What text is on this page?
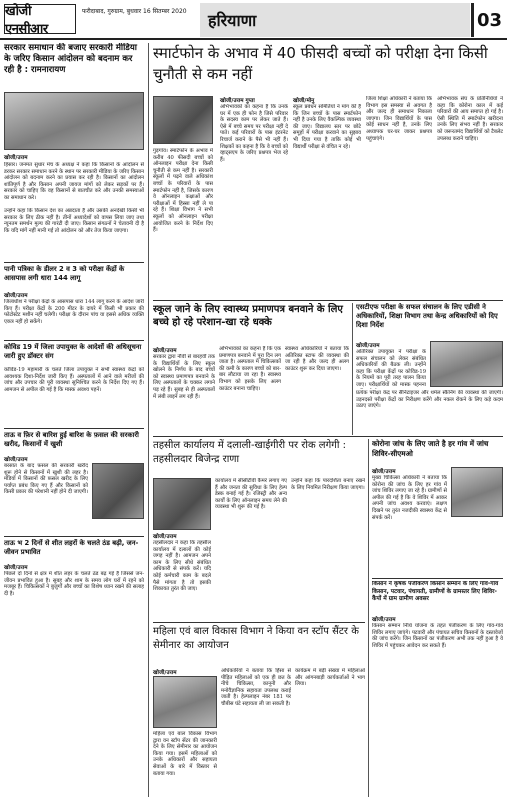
खोजी एनसीआर
फरीदाबाद, गुरुग्राम, बुधवार 16 सितम्बर 2020	हरियाणा	03
सरकार समाधान की बजाए सरकारी मीडिया के जरिए किसान आंदोलन को बदनाम कर रही है : रामनारायण
खोजी/उत्तम
हिसार। जनमत सुधार मंच के अध्यक्ष ने कहा कि किसानों के आंदोलन से डरकर सरकार समाधान करने के स्थान पर सरकारी मीडिया के जरिए किसान आंदोलन को बदनाम करने का प्रयास कर रही है। किसानों का आंदोलन शांतिपूर्ण है और किसान अपनी जायज मांगों को लेकर सड़कों पर हैं। सरकार को चाहिए कि वह किसानों से बातचीत करे और उनकी समस्याओं का समाधान करे।
उन्होंने कहा कि किसान देश का अन्नदाता है और उसकी अनदेखी किसी भी सरकार के लिए ठीक नहीं है। तीनों अध्यादेशों को वापस लिया जाए तथा न्यूनतम समर्थन मूल्य की गारंटी दी जाए। किसान संगठनों ने चेतावनी दी है कि यदि मांगें नहीं मानी गईं तो आंदोलन को और तेज किया जाएगा।
पानी पत्रिका के डीलर 2 व 3 को परीक्षा केंद्रों के आसपास लगी धारा 144 लागू
खोजी/उत्तम
जिलाधीश ने परीक्षा केंद्रों के आसपास धारा 144 लागू करने के आदेश जारी किए हैं। परीक्षा केंद्रों के 200 मीटर के दायरे में किसी भी प्रकार की फोटोस्टेट मशीन नहीं चलेगी। परीक्षा के दौरान पांच या इससे अधिक व्यक्ति एकत्र नहीं हो सकेंगे।
कोविड 19 में जिला उपायुक्त के आदेशों की अधिसूचना जारी हुए डॉक्टर संग
कोविड-19 महामारी के चलते जिला उपायुक्त ने सभी स्वास्थ्य केंद्रों को आवश्यक दिशा-निर्देश जारी किए हैं। अस्पतालों में आने वाले मरीजों की जांच और उपचार की पूरी व्यवस्था सुनिश्चित करने के निर्देश दिए गए हैं। आमजन से अपील की गई है कि मास्क अवश्य पहनें।
ताऊ व फ़िर से बारिश हुई बारिश के फ़सल की सरकारी खरीद, किसानों में खुशी
खोजी/उत्तम
बरसात के बाद फ़सल की सरकारी खरीद शुरू होने से किसानों में खुशी की लहर है। मंडियों में किसानों की फ़सल खरीद के लिए पर्याप्त प्रबंध किए गए हैं और किसानों को किसी प्रकार की परेशानी नहीं होने दी जाएगी।
ताऊ भ 2 दिनों से शीत लहरों के चलते ठंड बढ़ी, जन-जीवन प्रभावित
खोजी/उत्तम
पिछले दो दिनों से क्षेत्र में शीत लहर के चलते ठंड बढ़ गई है जिससे जन-जीवन प्रभावित हुआ है। सुबह और शाम के समय लोग घरों में रहने को मजबूर हैं। चिकित्सकों ने बुजुर्गों और बच्चों का विशेष ध्यान रखने की सलाह दी है।
स्मार्टफोन के अभाव में 40 फीसदी बच्चों को परीक्षा देना किसी चुनौती से कम नहीं
खोजी/उत्तम गुप्ता
गुड़गांव। स्मार्टफोन के अभाव में करीब 40 फीसदी बच्चों को ऑनलाइन परीक्षा देना किसी चुनौती से कम नहीं है। सरकारी स्कूलों में पढ़ने वाले अधिकांश बच्चों के परिवारों के पास स्मार्टफोन नहीं है, जिसके कारण वे ऑनलाइन कक्षाओं और परीक्षाओं में हिस्सा नहीं ले पा रहे हैं। शिक्षा विभाग ने सभी स्कूलों को ऑनलाइन परीक्षा आयोजित करने के निर्देश दिए हैं।
अभिभावकों का कहना है कि उनके घर में एक ही फोन है जिसे परिवार के सदस्य काम पर लेकर जाते हैं। ऐसे में बच्चे समय पर परीक्षा नहीं दे पाते। कई परिवारों के पास इंटरनेट रिचार्ज कराने के पैसे भी नहीं हैं। शिक्षकों का कहना है कि वे बच्चों को व्हाट्सएप के जरिए प्रश्नपत्र भेज रहे हैं।
खोजी/मोनु
स्कूल प्रबंधन समितियों ने मांग की है कि जिन बच्चों के पास स्मार्टफोन नहीं है उनके लिए वैकल्पिक व्यवस्था की जाए। विद्यालय स्तर पर छोटे समूहों में परीक्षा करवाने का सुझाव भी दिया गया है ताकि कोई भी विद्यार्थी परीक्षा से वंचित न रहे।
जिला शिक्षा अधिकारी ने बताया कि विभाग इस समस्या से अवगत है और जल्द ही समाधान निकाला जाएगा। जिन विद्यार्थियों के पास कोई साधन नहीं है, उनके लिए अध्यापक घर-घर जाकर प्रश्नपत्र पहुंचाएंगे।
अभिभावक संघ के प्रतिनिधियों ने कहा कि कोरोना काल में कई परिवारों की आय समाप्त हो गई है। ऐसी स्थिति में स्मार्टफोन खरीदना उनके लिए संभव नहीं है। सरकार को जरूरतमंद विद्यार्थियों को टैबलेट उपलब्ध कराने चाहिए।
स्कूल जाने के लिए स्वास्थ्य प्रमाणपत्र बनवाने के लिए बच्चे हो रहे परेशान-खा रहे धक्के
खोजी/उत्तम
सरकार द्वारा नौवीं से बारहवीं तक के विद्यार्थियों के लिए स्कूल खोलने के निर्णय के बाद बच्चों को स्वास्थ्य प्रमाणपत्र बनवाने के लिए अस्पतालों के चक्कर लगाने पड़ रहे हैं। सुबह से ही अस्पतालों में लंबी लाइनें लग रही हैं।
अभिभावकों का कहना है कि एक प्रमाणपत्र बनवाने में पूरा दिन लग जाता है। अस्पताल में चिकित्सकों की कमी के कारण बच्चों को बार-बार लौटाया जा रहा है। स्वास्थ्य विभाग को इसके लिए अलग काउंटर बनाना चाहिए।
स्वास्थ्य अधिकारियों ने बताया कि अतिरिक्त स्टाफ की व्यवस्था की जा रही है और जल्द ही अलग काउंटर शुरू कर दिया जाएगा।
एसटीएफ परीक्षा के सफल संचालन के लिए एडीसी ने अधिकारियों, शिक्षा विभाग तथा केन्द्र अधिकारियों को दिए दिशा निर्देश
खोजी/उत्तम
अतिरिक्त उपायुक्त ने परीक्षा के सफल संचालन को लेकर संबंधित अधिकारियों की बैठक ली। उन्होंने कहा कि परीक्षा केंद्रों पर कोविड-19 के नियमों का पूरी तरह पालन किया जाए। परीक्षार्थियों को मास्क पहनना
प्रत्येक परीक्षा केंद्र पर सैनिटाइजर और थर्मल स्कैनिंग की व्यवस्था की जाएगी। उड़नदस्ते परीक्षा केंद्रों का निरीक्षण करेंगे और नकल रोकने के लिए कड़े कदम उठाए जाएंगे।
तहसील कार्यालय में दलाली-खाईगीरी पर रोक लगेगी : तहसीलदार बिजेन्द्र राणा
खोजी/उत्तम
तहसीलदार ने कहा कि तहसील कार्यालय में दलालों की कोई जगह नहीं है। आमजन अपने काम के लिए सीधे संबंधित अधिकारी से संपर्क करें। यदि कोई कर्मचारी काम के बदले पैसे मांगता है तो इसकी शिकायत तुरंत की जाए।
कार्यालय में सीसीटीवी कैमरे लगाए गए हैं और जनता की सुविधा के लिए हेल्प डेस्क बनाई गई है। रजिस्ट्री और अन्य कार्यों के लिए ऑनलाइन समय लेने की व्यवस्था भी शुरू की गई है।
उन्होंने कहा कि पारदर्शिता बनाए रखने के लिए नियमित निरीक्षण किया जाएगा।
कोरोना जांच के लिए जाते है हर गांव में जांच शिविर-सीएमओ
खोजी/उत्तम
मुख्य चिकित्सा अधिकारी ने बताया कि कोरोना की जांच के लिए हर गांव में जांच शिविर लगाए जा रहे हैं। ग्रामीणों से अपील की गई है कि वे शिविर में आकर अपनी जांच अवश्य करवाएं। लक्षण दिखने पर तुरंत नजदीकी स्वास्थ्य केंद्र से संपर्क करें।
किसान ने कृषक पंजीकरण किसान सम्मान के लिए गांव-गांव किसान, पटवार, पंचायती, ग्रामीणों के ग्रामस्तर लिए शिविर-कैंपों में ग्राम ग्रामीण अवसर
खोजी/उत्तम
किसान सम्मान निधि योजना के तहत पंजीकरण के लिए गांव-गांव शिविर लगाए जाएंगे। पटवारी और पंचायत सचिव किसानों के दस्तावेजों की जांच करेंगे। जिन किसानों का पंजीकरण अभी तक नहीं हुआ है वे शिविर में पहुंचकर आवेदन कर सकते हैं।
महिला एवं बाल विकास विभाग ने किया वन स्टॉप सैंटर के सेमीनार का आयोजन
खोजी/उत्तम
महिला एवं बाल विकास विभाग द्वारा वन स्टॉप सेंटर की जानकारी देने के लिए सेमीनार का आयोजन किया गया। इसमें महिलाओं को उनके अधिकारों और सहायता सेवाओं के बारे में विस्तार से बताया गया।
अधिकारियों ने बताया कि हिंसा से पीड़ित महिलाओं को एक ही छत के नीचे चिकित्सा, कानूनी और मनोवैज्ञानिक सहायता उपलब्ध कराई जाती है। हेल्पलाइन नंबर 181 पर चौबीस घंटे सहायता ली जा सकती है।
कार्यक्रम में बड़ी संख्या में महिलाओं और आंगनबाड़ी कार्यकर्ताओं ने भाग लिया।
